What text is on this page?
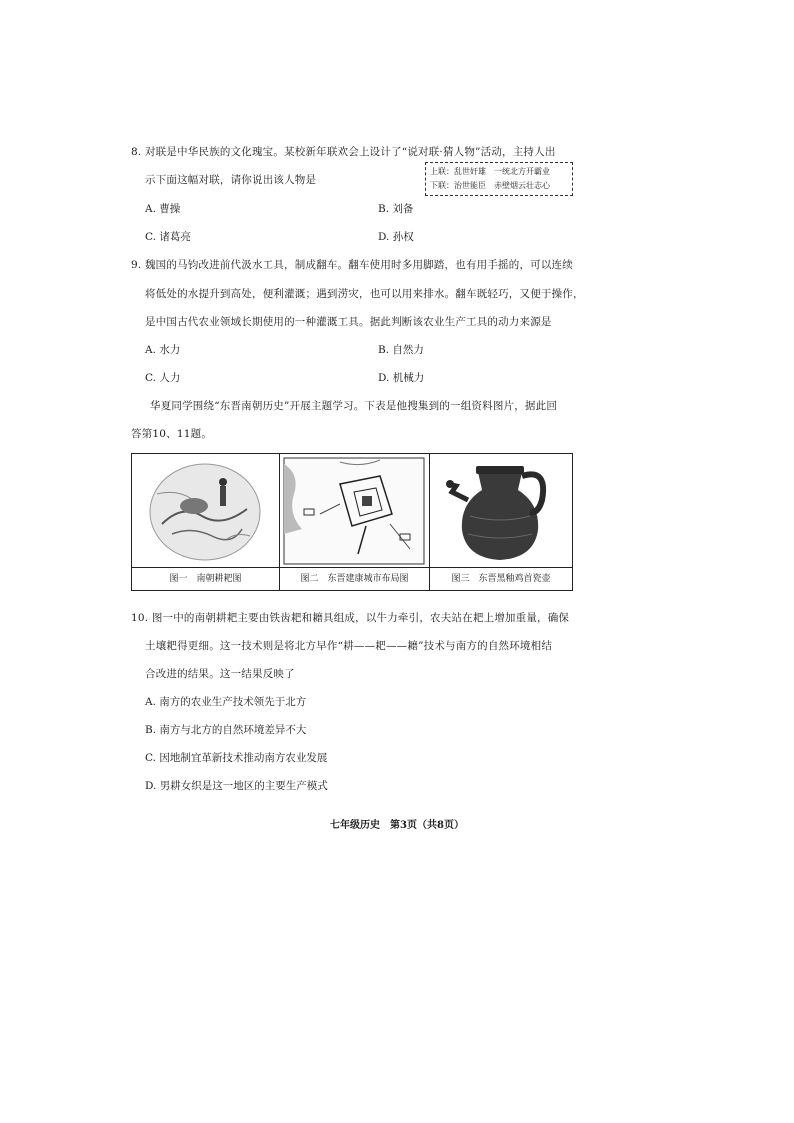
8. 对联是中华民族的文化瑰宝。某校新年联欢会上设计了“说对联·猜人物”活动，主持人出
示下面这幅对联，请你说出该人物是
上联：乱世奸雄　一统北方开霸业
下联：治世能臣　赤壁烟云壮志心
A. 曹操	B. 刘备
C. 诸葛亮	D. 孙权
9. 魏国的马钧改进前代汲水工具，制成翻车。翻车使用时多用脚踏，也有用手摇的，可以连续
将低处的水提升到高处，便利灌溉；遇到涝灾，也可以用来排水。翻车既轻巧，又便于操作，
是中国古代农业领域长期使用的一种灌溉工具。据此判断该农业生产工具的动力来源是
A. 水力	B. 自然力
C. 人力	D. 机械力
华夏同学围绕“东晋南朝历史”开展主题学习。下表是他搜集到的一组资料图片，据此回
答第10、11题。
图一　南朝耕耙图	图二　东晋建康城市布局图	图三　东晋黑釉鸡首瓷壶
10. 图一中的南朝耕耙主要由铁齿耙和耱具组成，以牛力牵引，农夫站在耙上增加重量，确保
土壤耙得更细。这一技术则是将北方早作“耕——耙——耱”技术与南方的自然环境相结
合改进的结果。这一结果反映了
A. 南方的农业生产技术领先于北方
B. 南方与北方的自然环境差异不大
C. 因地制宜革新技术推动南方农业发展
D. 男耕女织是这一地区的主要生产模式
七年级历史　第3页（共8页）
